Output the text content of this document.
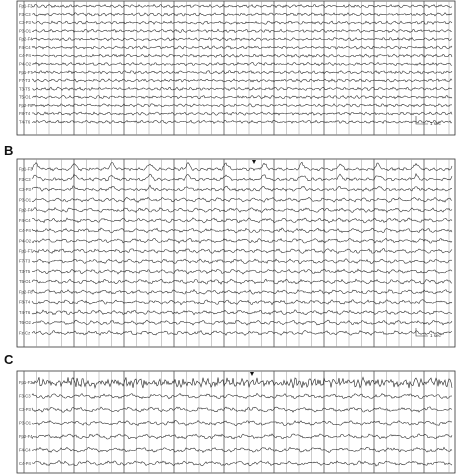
Fp1-F3
F3-C3
C3-P3
P3-O1
Fp2-F4
F4-C4
C4-P4
P4-O2
Fp1-F7
F7-T3
T3-T5
T5-O1
Fp2-F8
F8-T4
T4-T6	1 sec
B
Fp1-F3
F3-C3
C3-P3
P3-O1
Fp2-F4
F4-C4
C4-P4
P4-O2
Fp1-F7
F7-T3
T3-T5
T5-O1
Fp2-F8
F8-T4
T4-T6
T6-O2
Fz-Cz
1 sec
C
Fp1-F3
F3-C3
C3-P3
P3-O1
Fp2-F4
F4-C4
C4-P4
